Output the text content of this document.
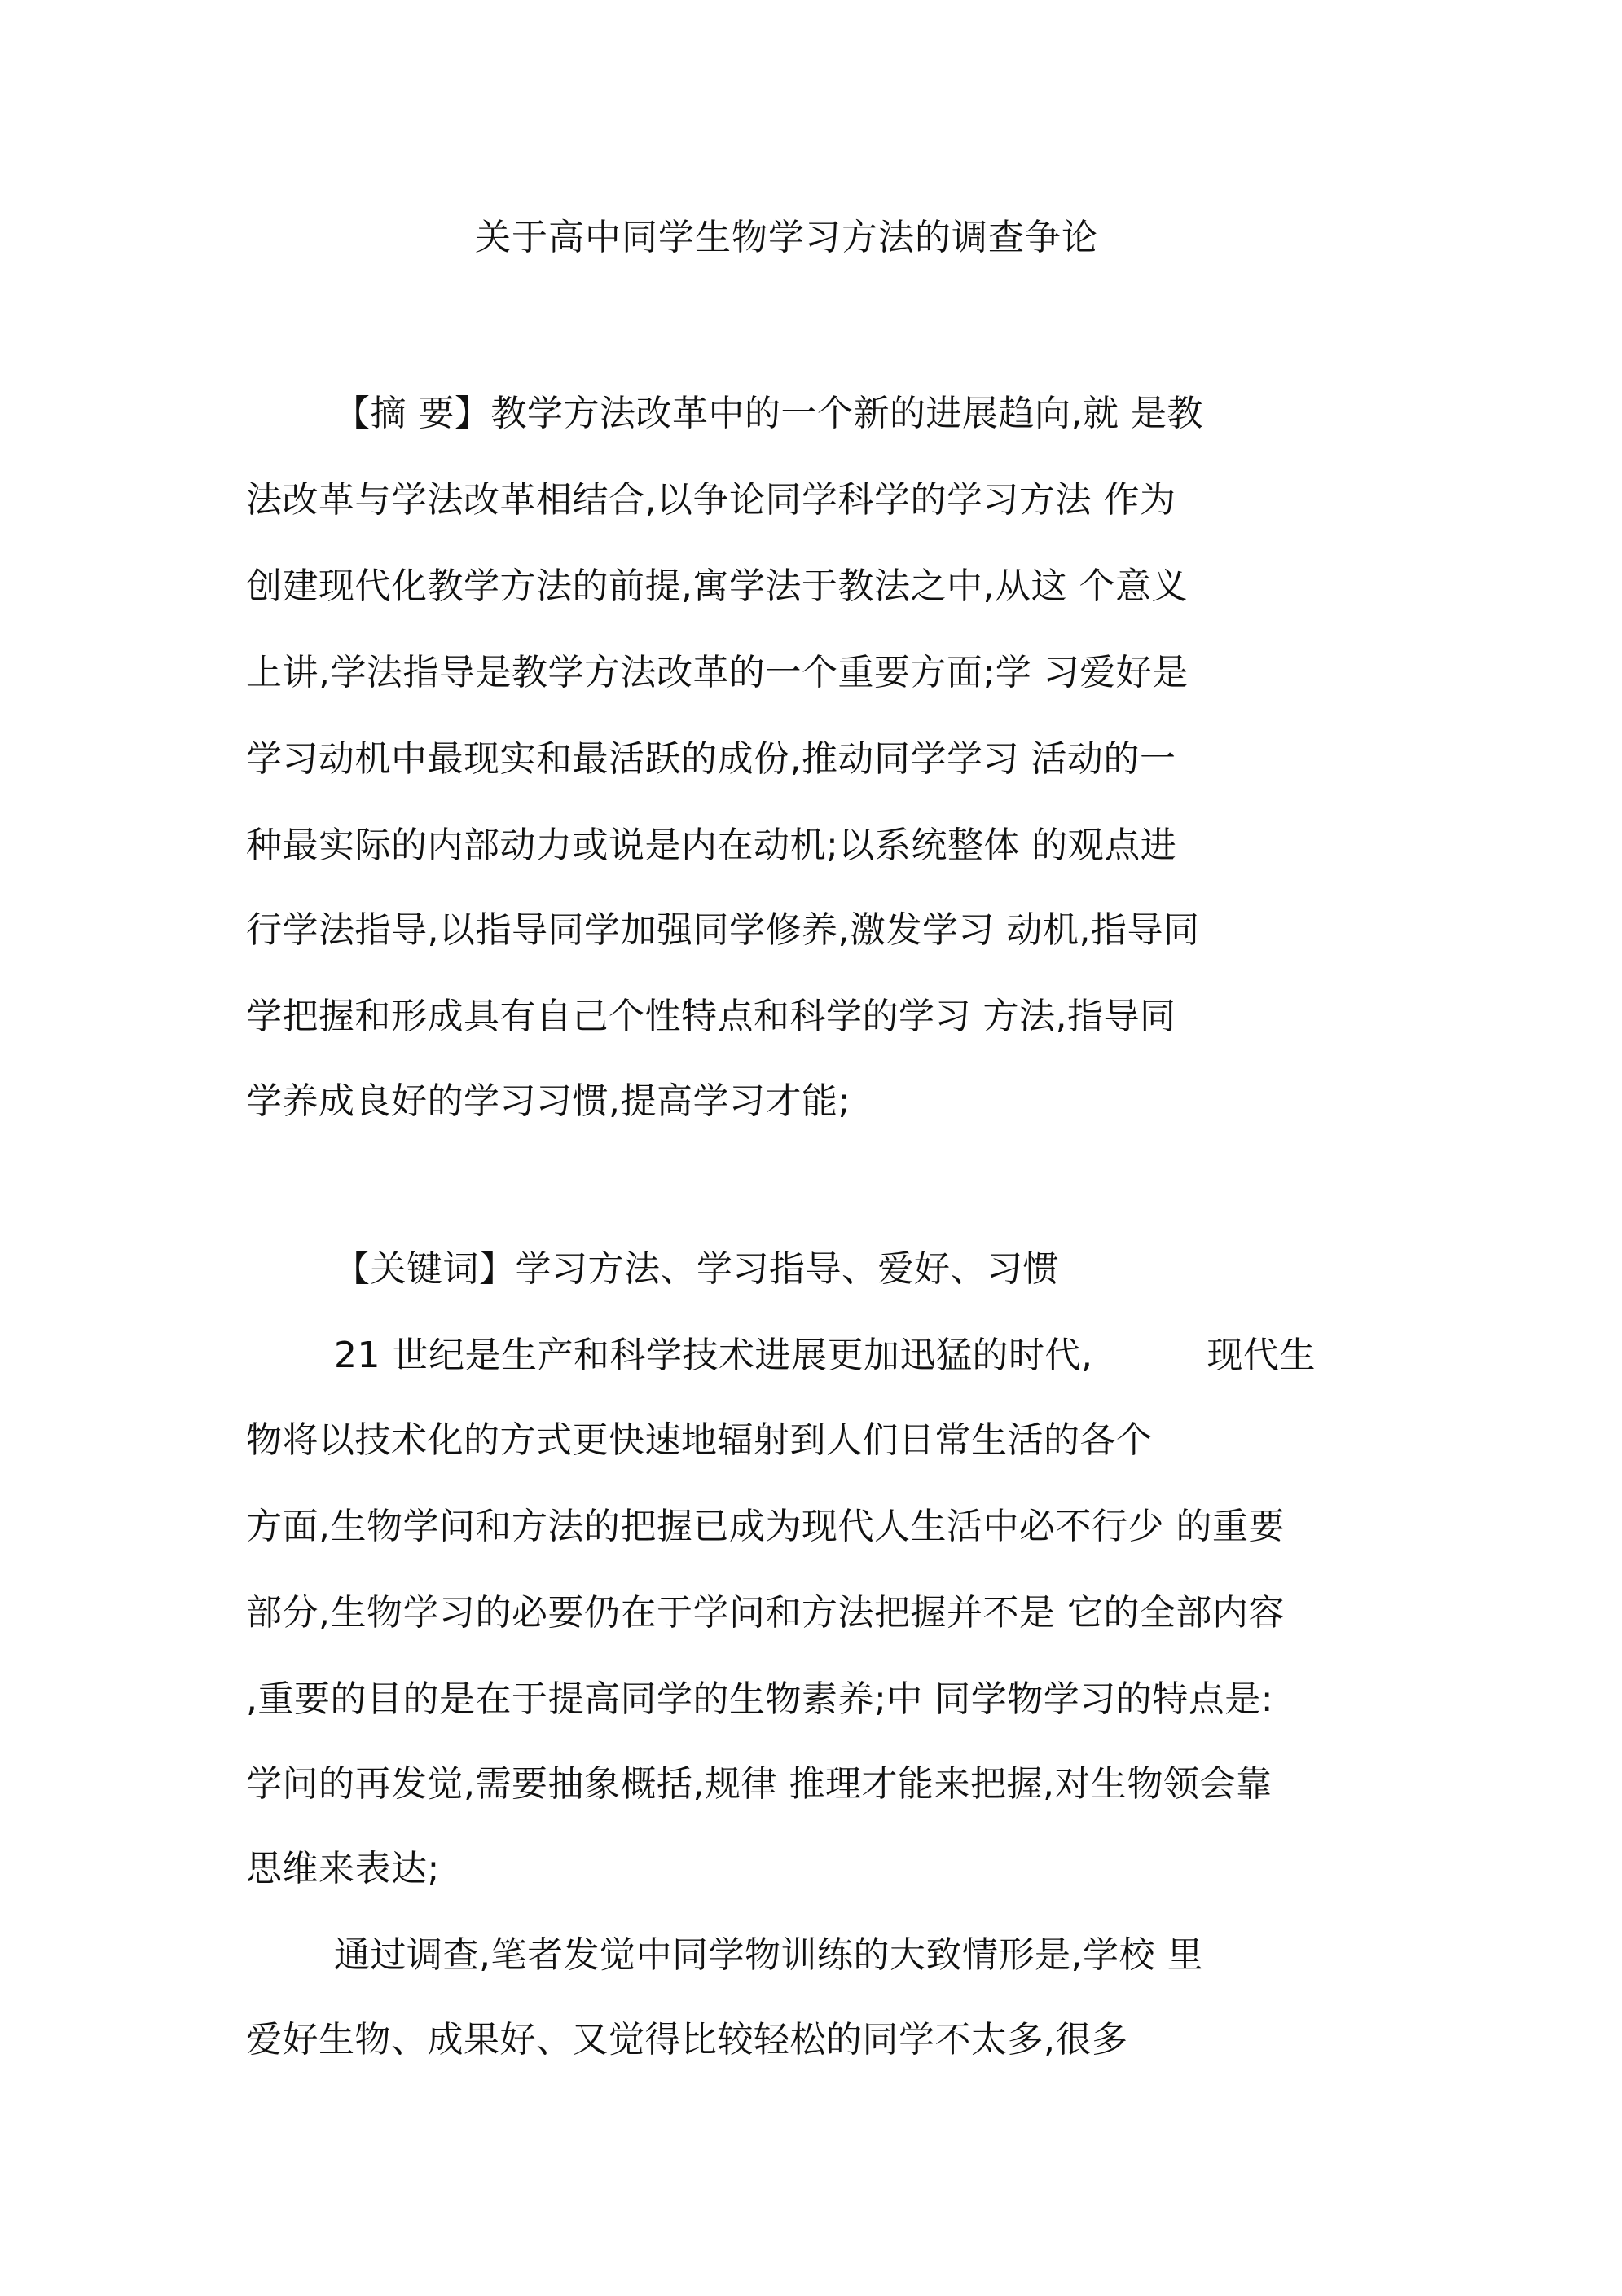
关于高中同学生物学习方法的调查争论
【摘 要】教学方法改革中的一个新的进展趋向,就 是教
法改革与学法改革相结合,以争论同学科学的学习方法 作为
创建现代化教学方法的前提,寓学法于教法之中,从这 个意义
上讲,学法指导是教学方法改革的一个重要方面;学 习爱好是
学习动机中最现实和最活跃的成份,推动同学学习 活动的一
种最实际的内部动力或说是内在动机;以系统整体 的观点进
行学法指导,以指导同学加强同学修养,激发学习 动机,指导同
学把握和形成具有自己个性特点和科学的学习 方法,指导同
学养成良好的学习习惯,提高学习才能;
【关键词】学习方法、学习指导、爱好、习惯
21 世纪是生产和科学技术进展更加迅猛的时代,	现代生
物将以技术化的方式更快速地辐射到人们日常生活的各个
方面,生物学问和方法的把握已成为现代人生活中必不行少 的重要
部分,生物学习的必要仍在于学问和方法把握并不是 它的全部内容
,重要的目的是在于提高同学的生物素养;中 同学物学习的特点是:
学问的再发觉,需要抽象概括,规律 推理才能来把握,对生物领会靠
思维来表达;
通过调查,笔者发觉中同学物训练的大致情形是,学校 里
爱好生物、成果好、又觉得比较轻松的同学不太多,很多
